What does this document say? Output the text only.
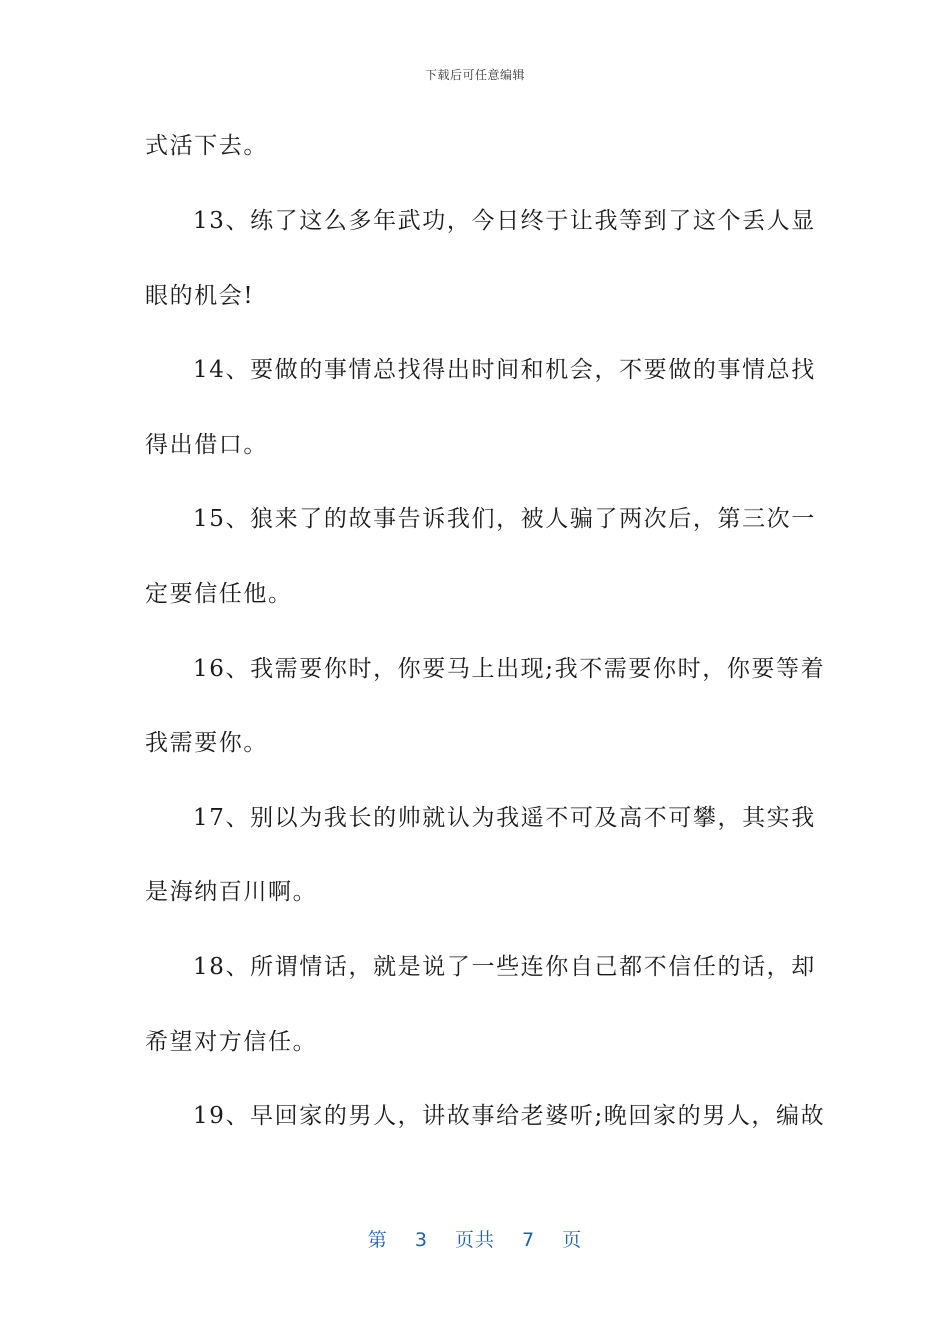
下载后可任意编辑
式活下去。
13、练了这么多年武功，今日终于让我等到了这个丢人显
眼的机会!
14、要做的事情总找得出时间和机会，不要做的事情总找
得出借口。
15、狼来了的故事告诉我们，被人骗了两次后，第三次一
定要信任他。
16、我需要你时，你要马上出现;我不需要你时，你要等着
我需要你。
17、别以为我长的帅就认为我遥不可及高不可攀，其实我
是海纳百川啊。
18、所谓情话，就是说了一些连你自己都不信任的话，却
希望对方信任。
19、早回家的男人，讲故事给老婆听;晚回家的男人，编故
第 3 页共 7 页
